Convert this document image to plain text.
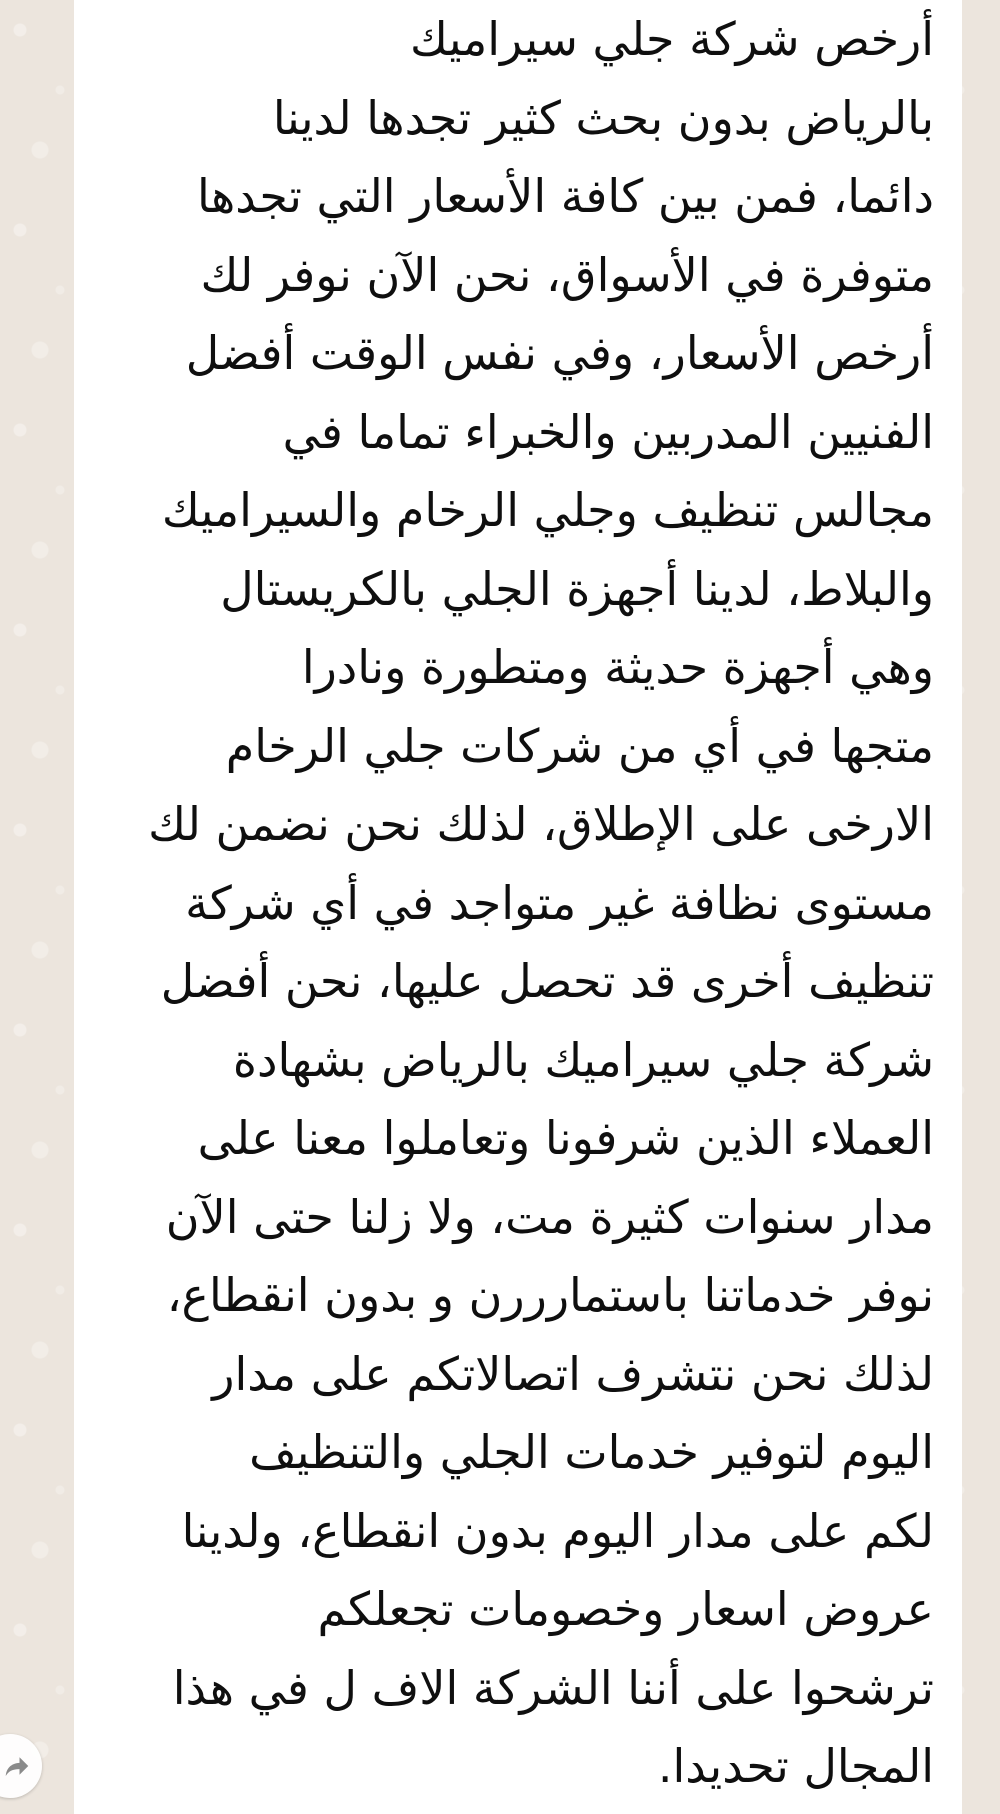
أرخص شركة جلي سيراميك
بالرياض بدون بحث كثير تجدها لدينا
دائما، فمن بين كافة الأسعار التي تجدها
متوفرة في الأسواق، نحن الآن نوفر لك
أرخص الأسعار، وفي نفس الوقت أفضل
الفنيين المدربين والخبراء تماما في
مجالس تنظيف وجلي الرخام والسيراميك
والبلاط، لدينا أجهزة الجلي بالكريستال
وهي أجهزة حديثة ومتطورة ونادرا
متجها في أي من شركات جلي الرخام
الارخى على الإطلاق، لذلك نحن نضمن لك
مستوى نظافة غير متواجد في أي شركة
تنظيف أخرى قد تحصل عليها، نحن أفضل
شركة جلي سيراميك بالرياض بشهادة
العملاء الذين شرفونا وتعاملوا معنا على
مدار سنوات كثيرة مت، ولا زلنا حتى الآن
نوفر خدماتنا باستمارررن و بدون انقطاع،
لذلك نحن نتشرف اتصالاتكم على مدار
اليوم لتوفير خدمات الجلي والتنظيف
لكم على مدار اليوم بدون انقطاع، ولدينا
عروض اسعار وخصومات تجعلكم
ترشحوا على أننا الشركة الاف ل في هذا
المجال تحديدا.
